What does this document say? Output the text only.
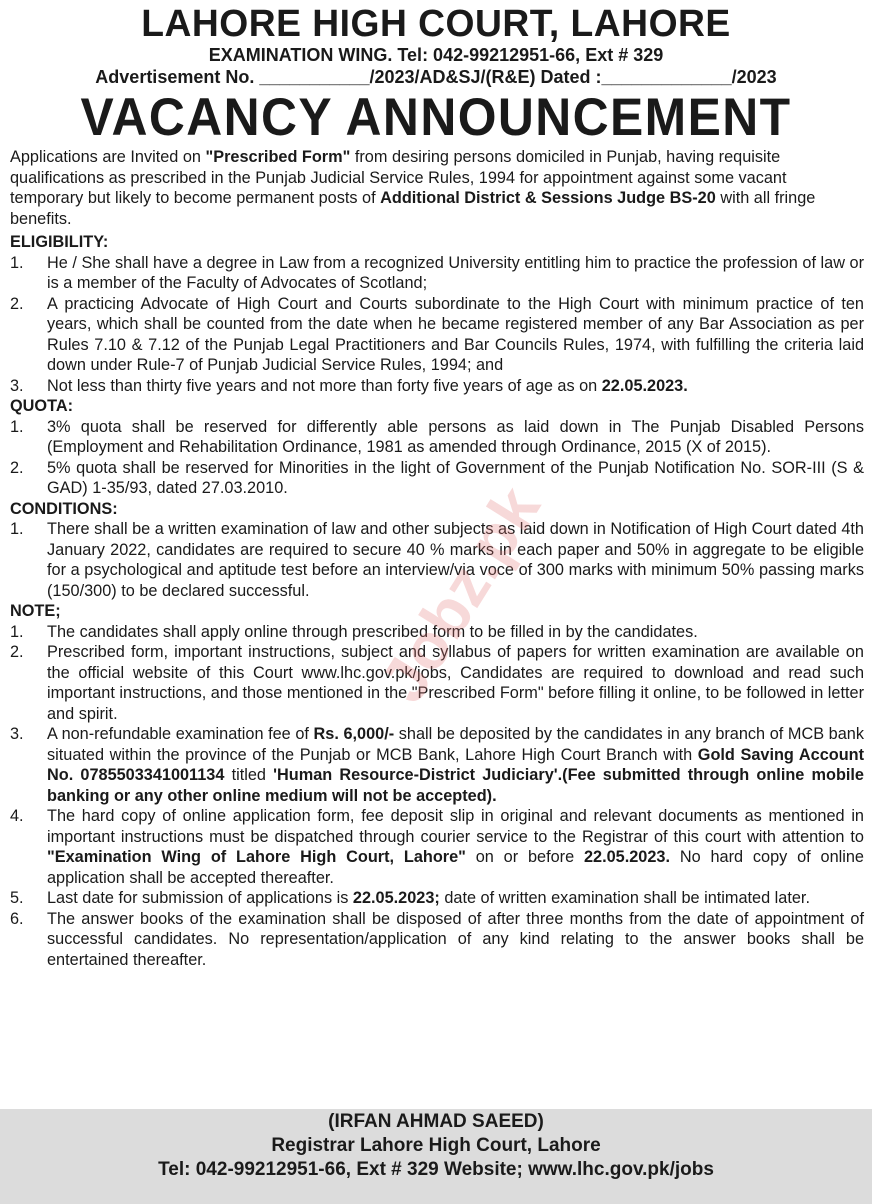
LAHORE HIGH COURT, LAHORE
EXAMINATION WING. Tel: 042-99212951-66, Ext # 329
Advertisement No. ___________/2023/AD&SJ/(R&E) Dated :_____________/2023
VACANCY ANNOUNCEMENT
Applications are Invited on "Prescribed Form" from desiring persons domiciled in Punjab, having requisite qualifications as prescribed in the Punjab Judicial Service Rules, 1994 for appointment against some vacant temporary but likely to become permanent posts of Additional District & Sessions Judge BS-20 with all fringe benefits.
ELIGIBILITY:
1.	He / She shall have a degree in Law from a recognized University entitling him to practice the profession of law or is a member of the Faculty of Advocates of Scotland;
2.	A practicing Advocate of High Court and Courts subordinate to the High Court with minimum practice of ten years, which shall be counted from the date when he became registered member of any Bar Association as per Rules 7.10 & 7.12 of the Punjab Legal Practitioners and Bar Councils Rules, 1974, with fulfilling the criteria laid down under Rule-7 of Punjab Judicial Service Rules, 1994; and
3.	Not less than thirty five years and not more than forty five years of age as on 22.05.2023.
QUOTA:
1.	3% quota shall be reserved for differently able persons as laid down in The Punjab Disabled Persons (Employment and Rehabilitation Ordinance, 1981 as amended through Ordinance, 2015 (X of 2015).
2.	5% quota shall be reserved for Minorities in the light of Government of the Punjab Notification No. SOR-III (S & GAD) 1-35/93, dated 27.03.2010.
CONDITIONS:
1.	There shall be a written examination of law and other subjects as laid down in Notification of High Court dated 4th January 2022, candidates are required to secure 40 % marks in each paper and 50% in aggregate to be eligible for a psychological and aptitude test before an interview/via voce of 300 marks with minimum 50% passing marks (150/300) to be declared successful.
NOTE;
1.	The candidates shall apply online through prescribed form to be filled in by the candidates.
2.	Prescribed form, important instructions, subject and syllabus of papers for written examination are available on the official website of this Court www.lhc.gov.pk/jobs, Candidates are required to download and read such important instructions, and those mentioned in the "Prescribed Form" before filling it online, to be followed in letter and spirit.
3.	A non-refundable examination fee of Rs. 6,000/- shall be deposited by the candidates in any branch of MCB bank situated within the province of the Punjab or MCB Bank, Lahore High Court Branch with Gold Saving Account No. 0785503341001134 titled 'Human Resource-District Judiciary'.(Fee submitted through online mobile banking or any other online medium will not be accepted).
4.	The hard copy of online application form, fee deposit slip in original and relevant documents as mentioned in important instructions must be dispatched through courier service to the Registrar of this court with attention to "Examination Wing of Lahore High Court, Lahore" on or before 22.05.2023. No hard copy of online application shall be accepted thereafter.
5.	Last date for submission of applications is 22.05.2023; date of written examination shall be intimated later.
6.	The answer books of the examination shall be disposed of after three months from the date of appointment of successful candidates. No representation/application of any kind relating to the answer books shall be entertained thereafter.
Jobz.pk
(IRFAN AHMAD SAEED)
Registrar Lahore High Court, Lahore
Tel: 042-99212951-66, Ext # 329 Website; www.lhc.gov.pk/jobs
